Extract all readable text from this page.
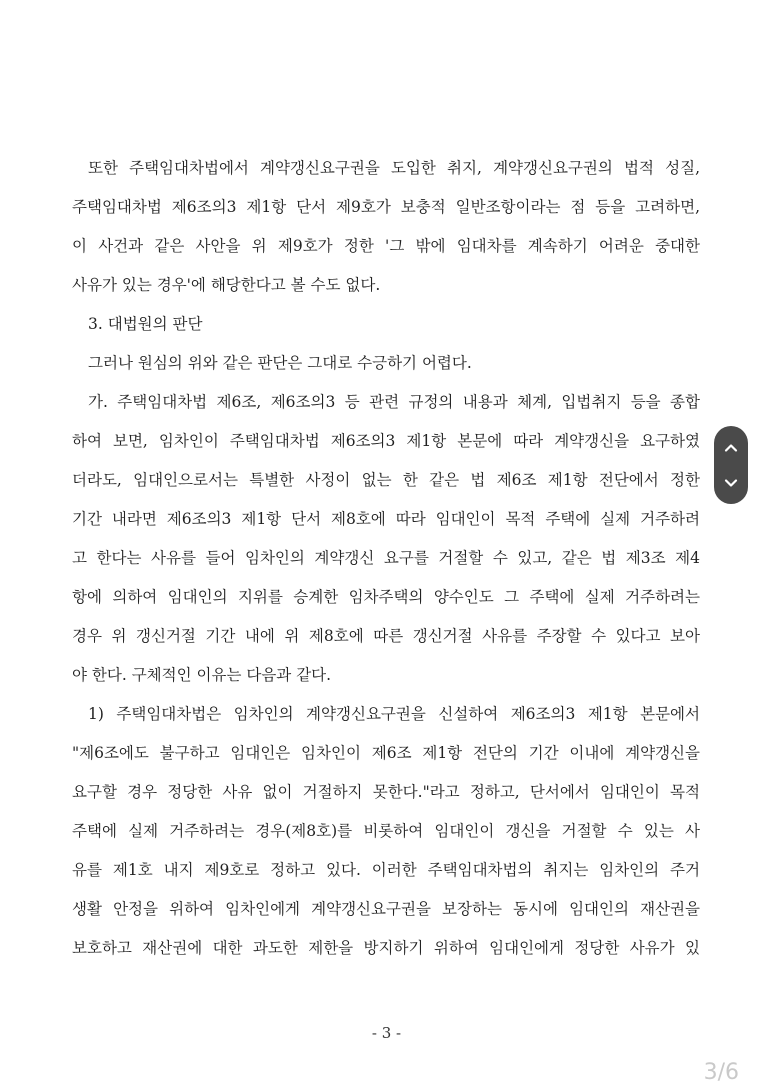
또한 주택임대차법에서 계약갱신요구권을 도입한 취지, 계약갱신요구권의 법적 성질,
주택임대차법 제6조의3 제1항 단서 제9호가 보충적 일반조항이라는 점 등을 고려하면,
이 사건과 같은 사안을 위 제9호가 정한 '그 밖에 임대차를 계속하기 어려운 중대한
사유가 있는 경우'에 해당한다고 볼 수도 없다.
3. 대법원의 판단
그러나 원심의 위와 같은 판단은 그대로 수긍하기 어렵다.
가. 주택임대차법 제6조, 제6조의3 등 관련 규정의 내용과 체계, 입법취지 등을 종합
하여 보면, 임차인이 주택임대차법 제6조의3 제1항 본문에 따라 계약갱신을 요구하였
더라도, 임대인으로서는 특별한 사정이 없는 한 같은 법 제6조 제1항 전단에서 정한
기간 내라면 제6조의3 제1항 단서 제8호에 따라 임대인이 목적 주택에 실제 거주하려
고 한다는 사유를 들어 임차인의 계약갱신 요구를 거절할 수 있고, 같은 법 제3조 제4
항에 의하여 임대인의 지위를 승계한 임차주택의 양수인도 그 주택에 실제 거주하려는
경우 위 갱신거절 기간 내에 위 제8호에 따른 갱신거절 사유를 주장할 수 있다고 보아
야 한다. 구체적인 이유는 다음과 같다.
1) 주택임대차법은 임차인의 계약갱신요구권을 신설하여 제6조의3 제1항 본문에서
"제6조에도 불구하고 임대인은 임차인이 제6조 제1항 전단의 기간 이내에 계약갱신을
요구할 경우 정당한 사유 없이 거절하지 못한다."라고 정하고, 단서에서 임대인이 목적
주택에 실제 거주하려는 경우(제8호)를 비롯하여 임대인이 갱신을 거절할 수 있는 사
유를 제1호 내지 제9호로 정하고 있다. 이러한 주택임대차법의 취지는 임차인의 주거
생활 안정을 위하여 임차인에게 계약갱신요구권을 보장하는 동시에 임대인의 재산권을
보호하고 재산권에 대한 과도한 제한을 방지하기 위하여 임대인에게 정당한 사유가 있
- 3 -
3/6
